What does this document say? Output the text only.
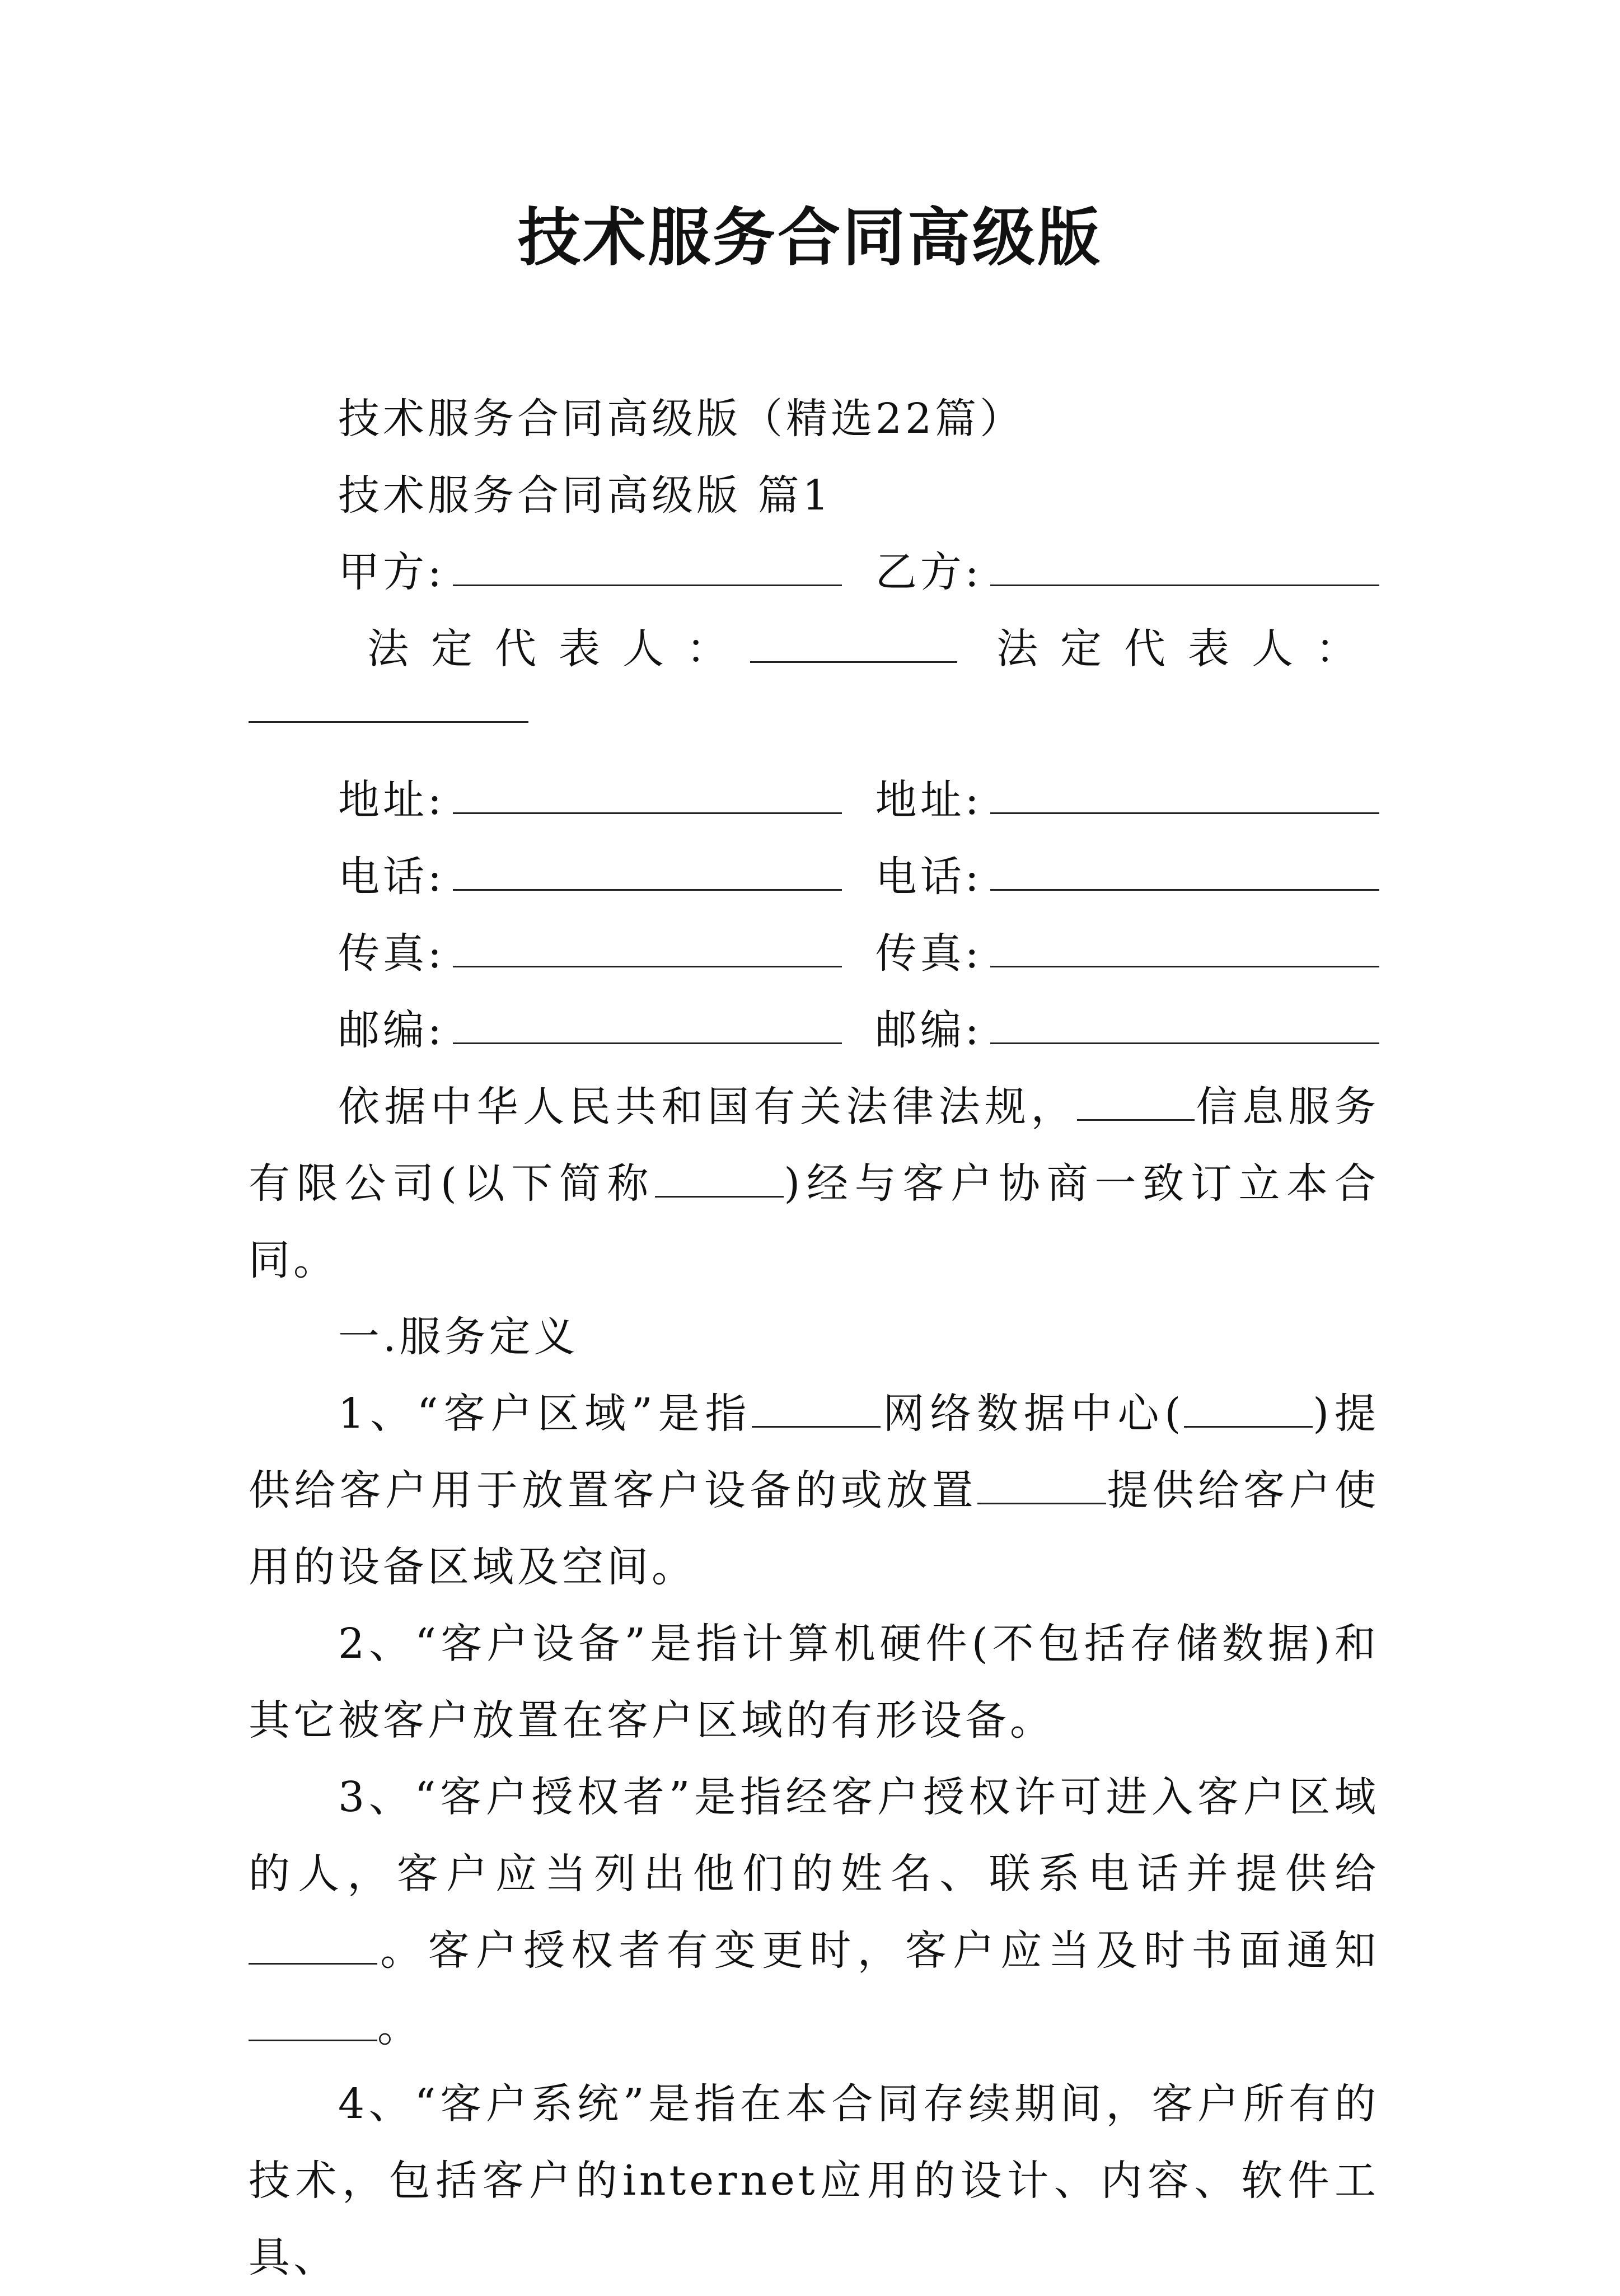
技术服务合同高级版

技术服务合同高级版（精选22篇）

技术服务合同高级版 篇1

甲方:	乙方:
法定代表人：	法定代表人：
地址:	地址:
电话:	电话:
传真:	传真:
邮编:	邮编:

依据中华人民共和国有关法律法规，	信息服务有限公司(以下简称	)经与客户协商一致订立本合同。

一.服务定义

1、“客户区域”是指	网络数据中心(	)提供给客户用于放置客户设备的或放置	提供给客户使用的设备区域及空间。

2、“客户设备”是指计算机硬件(不包括存储数据)和其它被客户放置在客户区域的有形设备。

3、“客户授权者”是指经客户授权许可进入客户区域的人，客户应当列出他们的姓名、联系电话并提供给。客户授权者有变更时，客户应当及时书面通知。

4、“客户系统”是指在本合同存续期间，客户所有的技术，包括客户的internet应用的设计、内容、软件工具、
